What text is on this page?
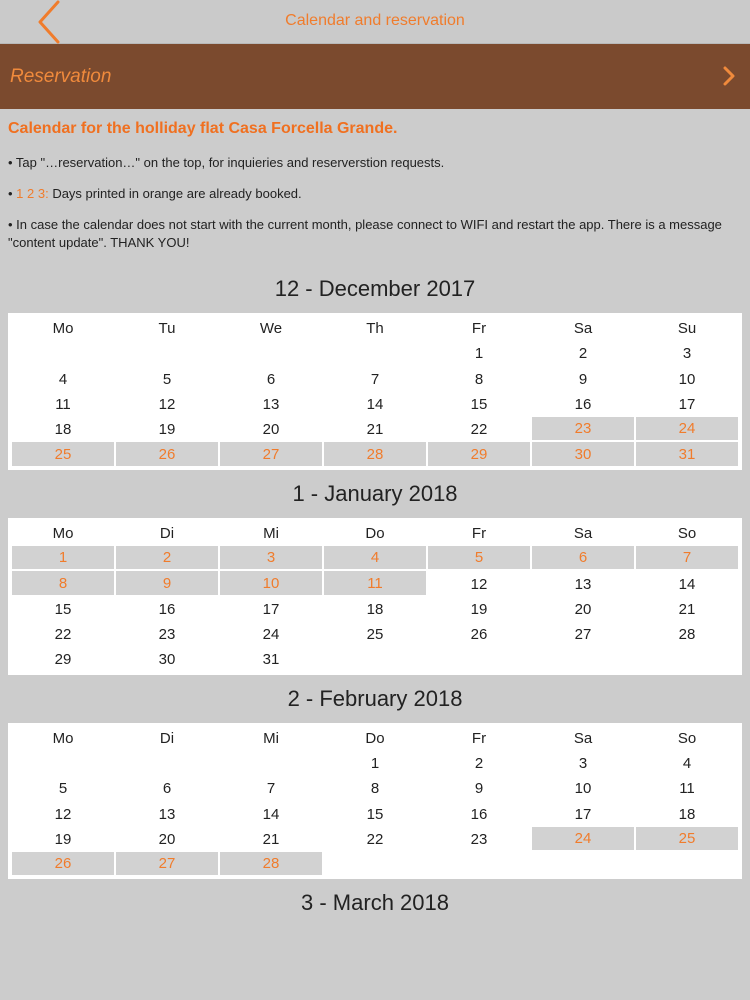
Calendar and reservation
Reservation
Calendar for the holliday flat Casa Forcella Grande.

• Tap "…reservation…" on the top, for inquieries and reserverstion requests.

• 1 2 3: Days printed in orange are already booked.

• In case the calendar does not start with the current month, please connect to WIFI and restart the app. There is a message "content update". THANK YOU!

12 - December 2017
Mo	Tu	We	Th	Fr	Sa	Su
				1	2	3
4	5	6	7	8	9	10
11	12	13	14	15	16	17
18	19	20	21	22	23	24
25	26	27	28	29	30	31
1 - January 2018
Mo	Di	Mi	Do	Fr	Sa	So
1	2	3	4	5	6	7
8	9	10	11	12	13	14
15	16	17	18	19	20	21
22	23	24	25	26	27	28
29	30	31				
2 - February 2018
Mo	Di	Mi	Do	Fr	Sa	So
			1	2	3	4
5	6	7	8	9	10	11
12	13	14	15	16	17	18
19	20	21	22	23	24	25
26	27	28				
3 - March 2018
